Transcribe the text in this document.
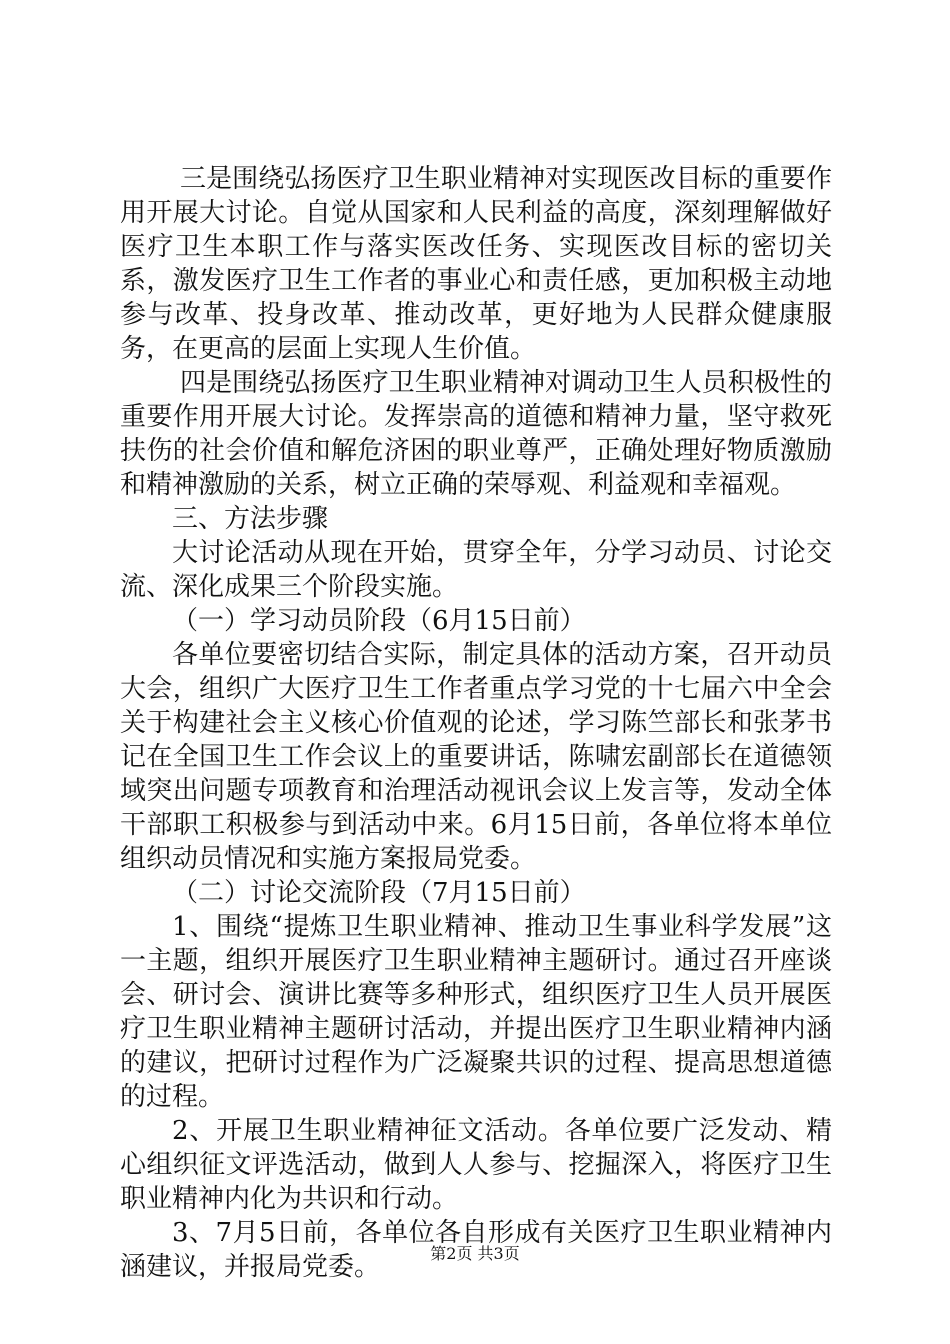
三是围绕弘扬医疗卫生职业精神对实现医改目标的重要作用开展大讨论。自觉从国家和人民利益的高度，深刻理解做好医疗卫生本职工作与落实医改任务、实现医改目标的密切关系，激发医疗卫生工作者的事业心和责任感，更加积极主动地参与改革、投身改革、推动改革，更好地为人民群众健康服务，在更高的层面上实现人生价值。

四是围绕弘扬医疗卫生职业精神对调动卫生人员积极性的重要作用开展大讨论。发挥崇高的道德和精神力量，坚守救死扶伤的社会价值和解危济困的职业尊严，正确处理好物质激励和精神激励的关系，树立正确的荣辱观、利益观和幸福观。

三、方法步骤

大讨论活动从现在开始，贯穿全年，分学习动员、讨论交流、深化成果三个阶段实施。

（一）学习动员阶段（6月15日前）

各单位要密切结合实际，制定具体的活动方案，召开动员大会，组织广大医疗卫生工作者重点学习党的十七届六中全会关于构建社会主义核心价值观的论述，学习陈竺部长和张茅书记在全国卫生工作会议上的重要讲话，陈啸宏副部长在道德领域突出问题专项教育和治理活动视讯会议上发言等，发动全体干部职工积极参与到活动中来。6月15日前，各单位将本单位组织动员情况和实施方案报局党委。

（二）讨论交流阶段（7月15日前）

1、围绕“提炼卫生职业精神、推动卫生事业科学发展”这一主题，组织开展医疗卫生职业精神主题研讨。通过召开座谈会、研讨会、演讲比赛等多种形式，组织医疗卫生人员开展医疗卫生职业精神主题研讨活动，并提出医疗卫生职业精神内涵的建议，把研讨过程作为广泛凝聚共识的过程、提高思想道德的过程。

2、开展卫生职业精神征文活动。各单位要广泛发动、精心组织征文评选活动，做到人人参与、挖掘深入，将医疗卫生职业精神内化为共识和行动。

3、7月5日前，各单位各自形成有关医疗卫生职业精神内涵建议，并报局党委。	第2页 共3页
